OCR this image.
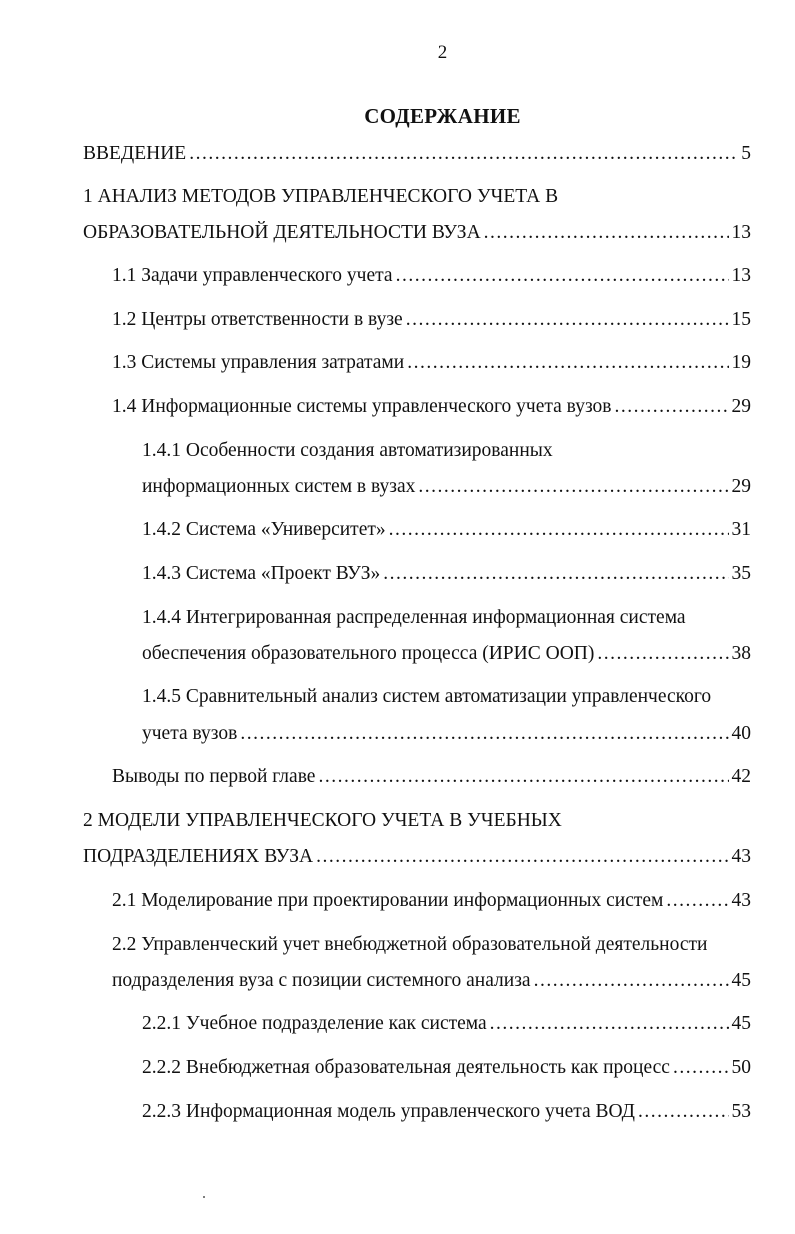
2
СОДЕРЖАНИЕ
ВВЕДЕНИЕ .....	5
1 АНАЛИЗ МЕТОДОВ УПРАВЛЕНЧЕСКОГО УЧЕТА В
ОБРАЗОВАТЕЛЬНОЙ ДЕЯТЕЛЬНОСТИ ВУЗА .....	13
1.1 Задачи управленческого учета .....	13
1.2 Центры ответственности в вузе .....	15
1.3 Системы управления затратами .....	19
1.4 Информационные системы управленческого учета вузов .....	29
1.4.1 Особенности создания автоматизированных
информационных систем в вузах .....	29
1.4.2 Система «Университет» .....	31
1.4.3 Система «Проект ВУЗ» .....	35
1.4.4 Интегрированная распределенная информационная система
обеспечения образовательного процесса (ИРИС ООП) .....	38
1.4.5 Сравнительный анализ систем автоматизации управленческого
учета вузов .....	40
Выводы по первой главе .....	42
2 МОДЕЛИ УПРАВЛЕНЧЕСКОГО УЧЕТА В УЧЕБНЫХ
ПОДРАЗДЕЛЕНИЯХ ВУЗА .....	43
2.1 Моделирование при проектировании информационных систем .....	43
2.2 Управленческий учет внебюджетной образовательной деятельности
подразделения вуза с позиции системного анализа .....	45
2.2.1 Учебное подразделение как система .....	45
2.2.2 Внебюджетная образовательная деятельность как процесс .....	50
2.2.3 Информационная модель управленческого учета ВОД .....	53
